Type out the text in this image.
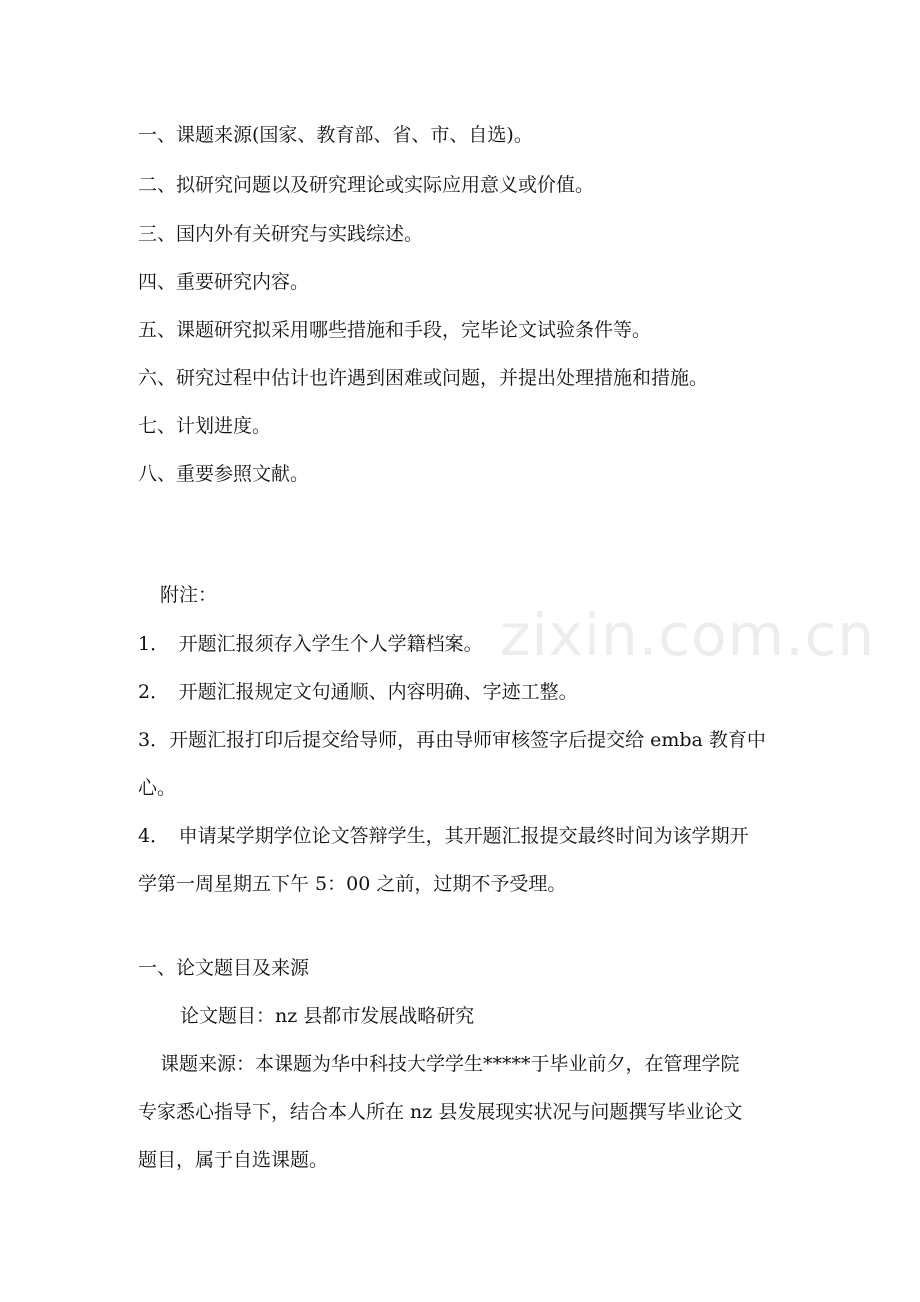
一、课题来源(国家、教育部、省、市、自选)。

二、拟研究问题以及研究理论或实际应用意义或价值。

三、国内外有关研究与实践综述。

四、重要研究内容。

五、课题研究拟采用哪些措施和手段，完毕论文试验条件等。

六、研究过程中估计也许遇到困难或问题，并提出处理措施和措施。

七、计划进度。

八、重要参照文献。

附注：

1．　开题汇报须存入学生个人学籍档案。

2．　开题汇报规定文句通顺、内容明确、字迹工整。

3．开题汇报打印后提交给导师，再由导师审核签字后提交给 emba 教育中

心。

4．　申请某学期学位论文答辩学生，其开题汇报提交最终时间为该学期开

学第一周星期五下午 5：00 之前，过期不予受理。

一、论文题目及来源

论文题目：nz 县都市发展战略研究

课题来源：本课题为华中科技大学学生*****于毕业前夕，在管理学院

专家悉心指导下，结合本人所在 nz 县发展现实状况与问题撰写毕业论文

题目，属于自选课题。

zixin.com.cn
